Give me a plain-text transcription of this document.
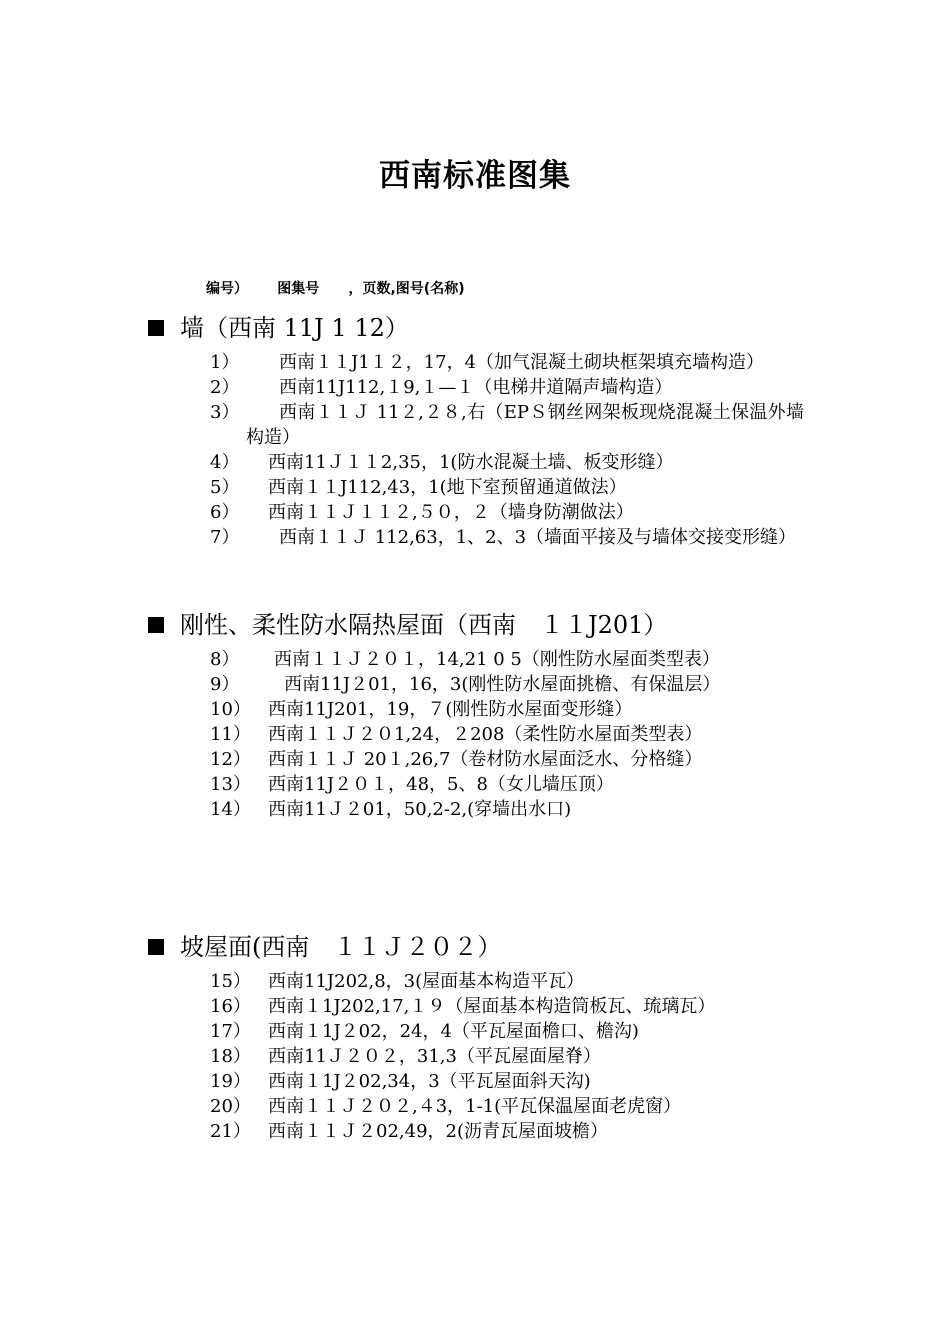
西南标准图集
编号）      图集号      ，页数,图号(名称)
墙（西南 11J 1 12）
1）	西南１１J1１２，17，4（加气混凝土砌块框架填充墙构造）
2）	西南11J112,１9,１—１（电梯井道隔声墙构造）
3）	西南１１Ｊ 11２,２８,右（EPＳ钢丝网架板现烧混凝土保温外墙构造）
4）	西南11Ｊ１１2,35，1(防水混凝土墙、板变形缝）
5）	西南１１J112,43，1(地下室预留通道做法）
6）	西南１１Ｊ１１２,５０，２（墙身防潮做法）
7）	西南１１Ｊ 112,63，1、2、3（墙面平接及与墙体交接变形缝）
刚性、柔性防水隔热屋面（西南　１１J201）
8）	西南１１Ｊ２０１，14,21 0 5（刚性防水屋面类型表）
9）	西南11J２01，16，3(刚性防水屋面挑檐、有保温层）
10） 西南11J201，19，７(刚性防水屋面变形缝）
11） 西南１１Ｊ２０1,24，２208（柔性防水屋面类型表）
12） 西南１１Ｊ 20１,26,7（卷材防水屋面泛水、分格缝）
13） 西南11J２０１，48，5、8（女儿墙压顶）
14） 西南11Ｊ２01，50,2-2,(穿墙出水口)
坡屋面(西南　１１Ｊ２０２）
15） 西南11J202,8，3(屋面基本构造平瓦）
16） 西南１1J202,17,１９（屋面基本构造筒板瓦、琉璃瓦）
17） 西南１1J２02，24，4（平瓦屋面檐口、檐沟)
18） 西南11Ｊ２０２，31,3（平瓦屋面屋脊）
19） 西南１1J２02,34，3（平瓦屋面斜天沟)
20） 西南１１Ｊ２０２,４3，1-1(平瓦保温屋面老虎窗）
21） 西南１１Ｊ２02,49，2(沥青瓦屋面坡檐）
